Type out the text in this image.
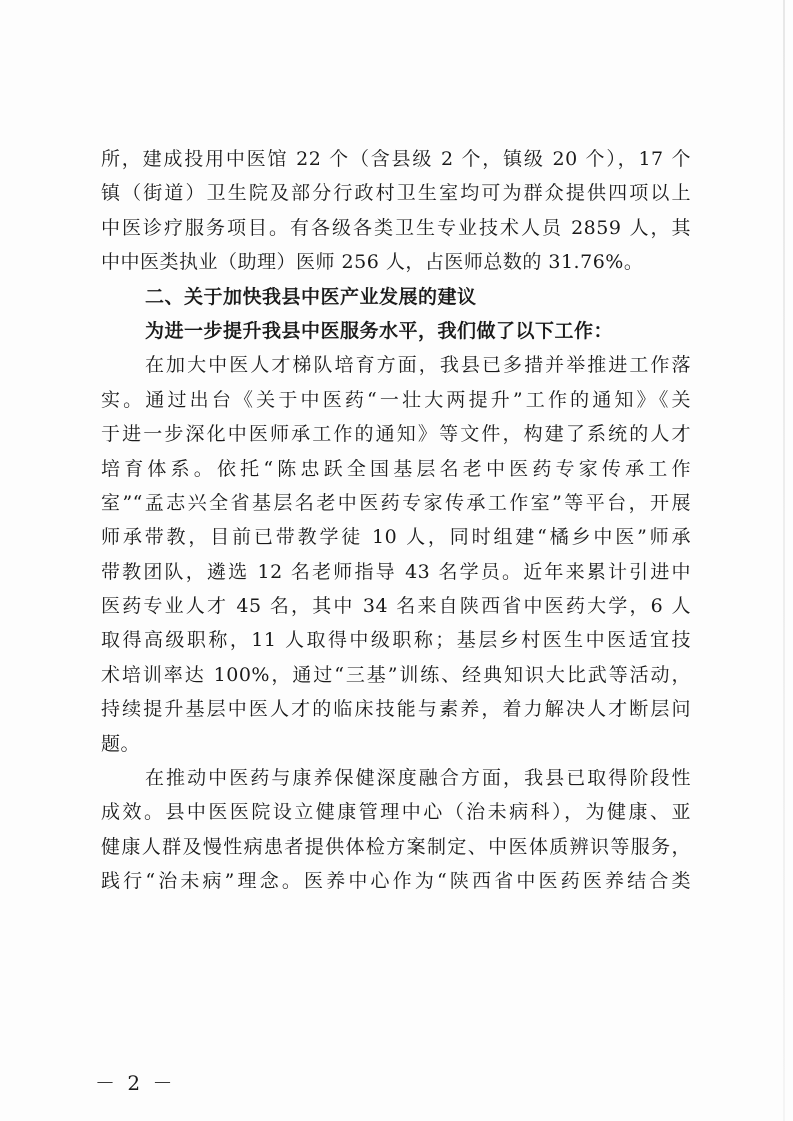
所，建成投用中医馆 22 个（含县级 2 个，镇级 20 个），17 个
镇（街道）卫生院及部分行政村卫生室均可为群众提供四项以上
中医诊疗服务项目。有各级各类卫生专业技术人员 2859 人，其
中中医类执业（助理）医师 256 人，占医师总数的 31.76%。
二、关于加快我县中医产业发展的建议
为进一步提升我县中医服务水平，我们做了以下工作：
在加大中医人才梯队培育方面，我县已多措并举推进工作落
实。通过出台《关于中医药“一壮大两提升”工作的通知》《关
于进一步深化中医师承工作的通知》等文件，构建了系统的人才
培育体系。依托“陈忠跃全国基层名老中医药专家传承工作
室”“孟志兴全省基层名老中医药专家传承工作室”等平台，开展
师承带教，目前已带教学徒 10 人，同时组建“橘乡中医”师承
带教团队，遴选 12 名老师指导 43 名学员。近年来累计引进中
医药专业人才 45 名，其中 34 名来自陕西省中医药大学，6 人
取得高级职称，11 人取得中级职称；基层乡村医生中医适宜技
术培训率达 100%，通过“三基”训练、经典知识大比武等活动，
持续提升基层中医人才的临床技能与素养，着力解决人才断层问
题。
在推动中医药与康养保健深度融合方面，我县已取得阶段性
成效。县中医医院设立健康管理中心（治未病科），为健康、亚
健康人群及慢性病患者提供体检方案制定、中医体质辨识等服务，
践行“治未病”理念。医养中心作为“陕西省中医药医养结合类
－ 2 －
